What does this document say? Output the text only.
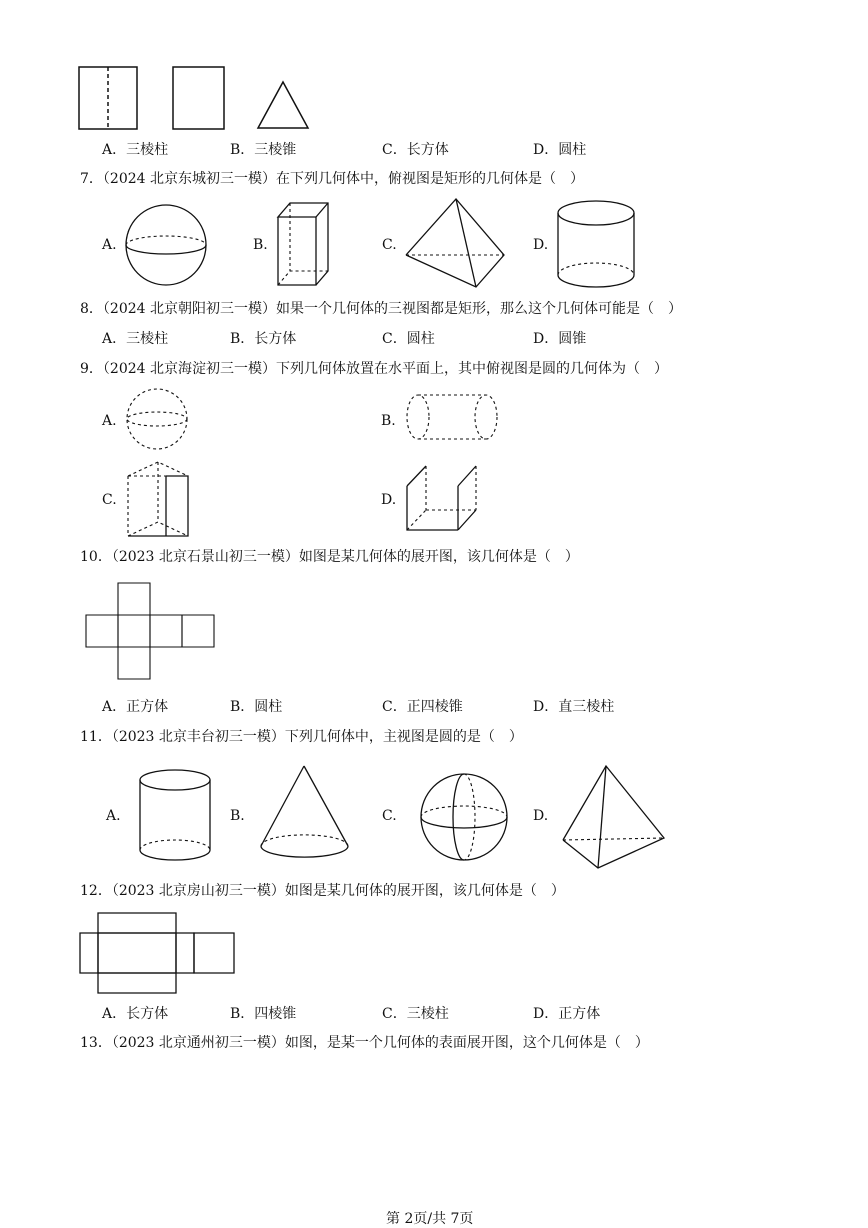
A．三棱柱	B．三棱锥	C．长方体	D．圆柱
7．（2024 北京东城初三一模）在下列几何体中，俯视图是矩形的几何体是（　）
A.	B.	C.	D.
8．（2024 北京朝阳初三一模）如果一个几何体的三视图都是矩形，那么这个几何体可能是（　）
A．三棱柱	B．长方体	C．圆柱	D．圆锥
9．（2024 北京海淀初三一模）下列几何体放置在水平面上，其中俯视图是圆的几何体为（　）
A.	B.
C.	D.
10．（2023 北京石景山初三一模）如图是某几何体的展开图，该几何体是（　）
A．正方体	B．圆柱	C．正四棱锥	D．直三棱柱
11．（2023 北京丰台初三一模）下列几何体中，主视图是圆的是（　）
A.	B.	C.	D.
12．（2023 北京房山初三一模）如图是某几何体的展开图，该几何体是（　）
A．长方体	B．四棱锥	C．三棱柱	D．正方体
13．（2023 北京通州初三一模）如图，是某一个几何体的表面展开图，这个几何体是（　）
第 2页/共 7页
